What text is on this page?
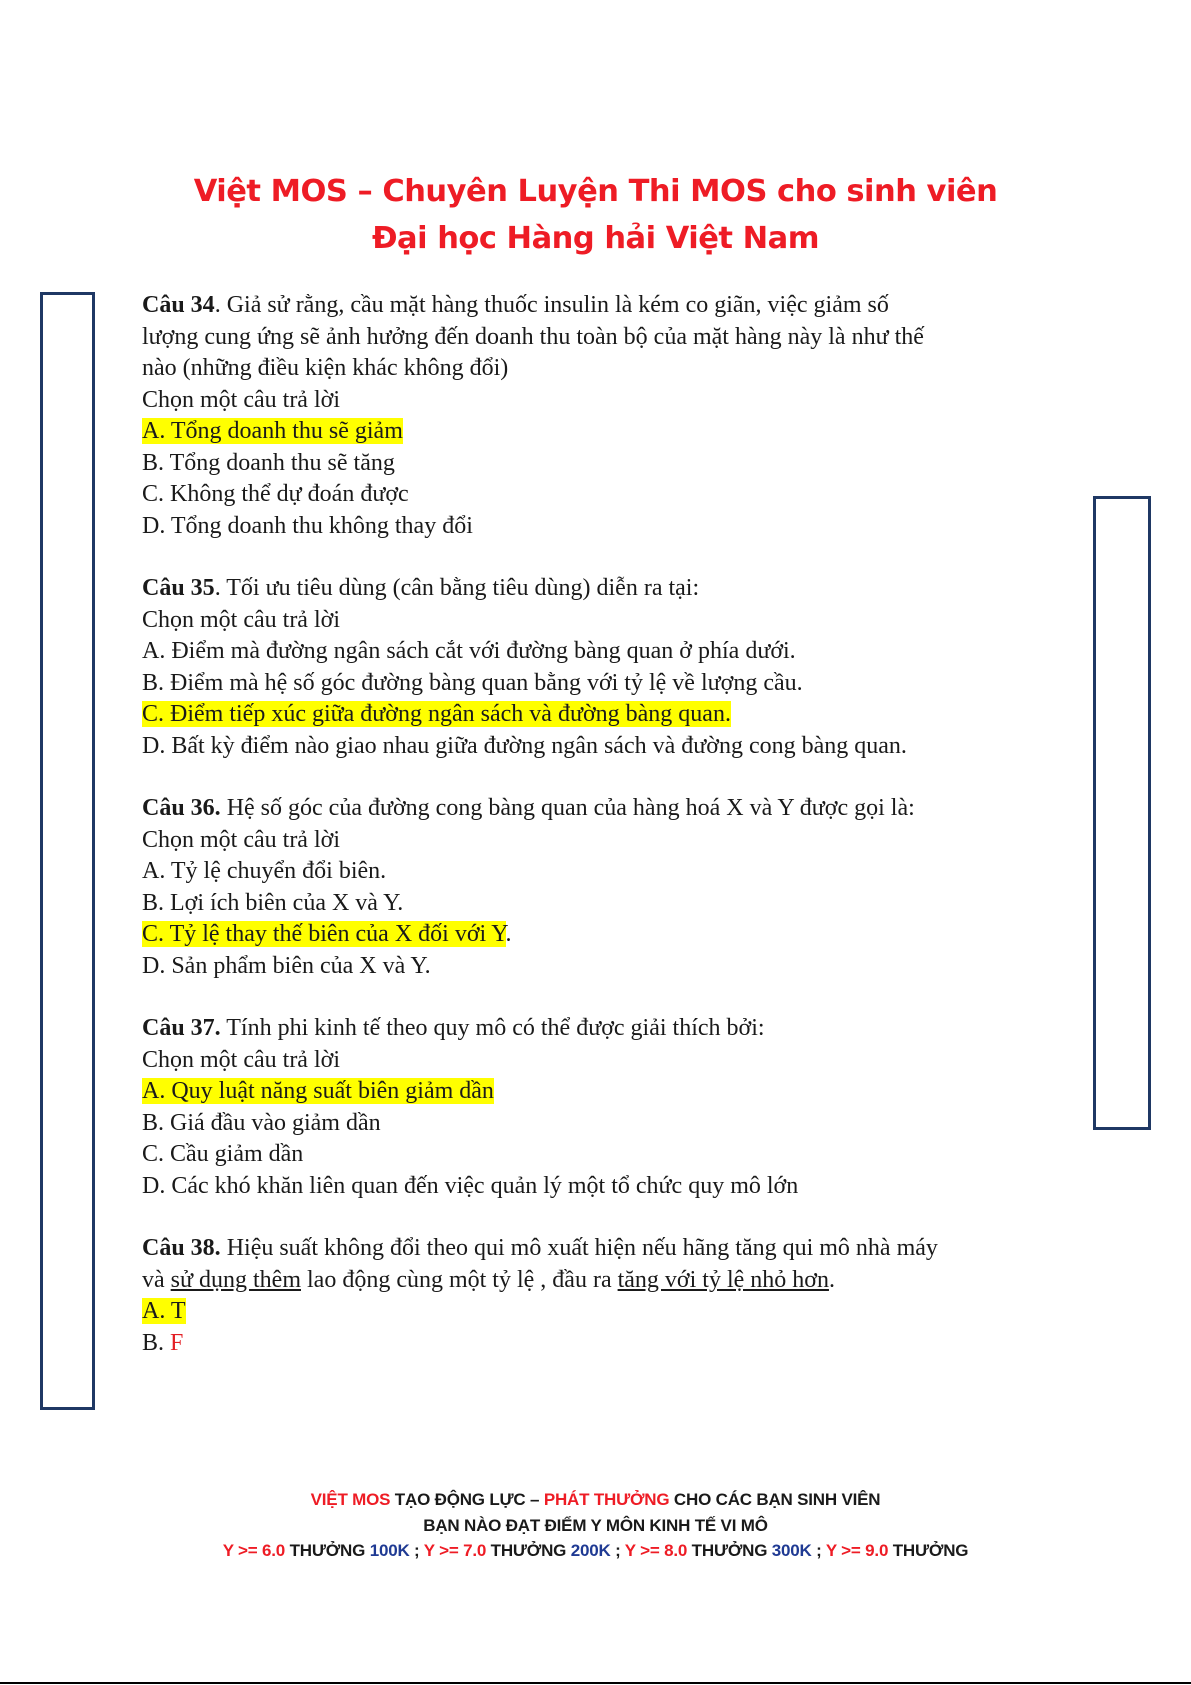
Việt MOS – Chuyên Luyện Thi MOS cho sinh viên
Đại học Hàng hải Việt Nam
Câu 34. Giả sử rằng, cầu mặt hàng thuốc insulin là kém co giãn, việc giảm số
lượng cung ứng sẽ ảnh hưởng đến doanh thu toàn bộ của mặt hàng này là như thế
nào (những điều kiện khác không đổi)
Chọn một câu trả lời
A. Tổng doanh thu sẽ giảm
B. Tổng doanh thu sẽ tăng
C. Không thể dự đoán được
D. Tổng doanh thu không thay đổi
Câu 35. Tối ưu tiêu dùng (cân bằng tiêu dùng) diễn ra tại:
Chọn một câu trả lời
A. Điểm mà đường ngân sách cắt với đường bàng quan ở phía dưới.
B. Điểm mà hệ số góc đường bàng quan bằng với tỷ lệ về lượng cầu.
C. Điểm tiếp xúc giữa đường ngân sách và đường bàng quan.
D. Bất kỳ điểm nào giao nhau giữa đường ngân sách và đường cong bàng quan.
Câu 36. Hệ số góc của đường cong bàng quan của hàng hoá X và Y được gọi là:
Chọn một câu trả lời
A. Tỷ lệ chuyển đổi biên.
B. Lợi ích biên của X và Y.
C. Tỷ lệ thay thế biên của X đối với Y.
D. Sản phẩm biên của X và Y.
Câu 37. Tính phi kinh tế theo quy mô có thể được giải thích bởi:
Chọn một câu trả lời
A. Quy luật năng suất biên giảm dần
B. Giá đầu vào giảm dần
C. Cầu giảm dần
D. Các khó khăn liên quan đến việc quản lý một tổ chức quy mô lớn
Câu 38. Hiệu suất không đổi theo qui mô xuất hiện nếu hãng tăng qui mô nhà máy
và sử dụng thêm lao động cùng một tỷ lệ , đầu ra tăng với tỷ lệ nhỏ hơn.
A. T
B. F
VIỆT MOS TẠO ĐỘNG LỰC – PHÁT THƯỞNG CHO CÁC BẠN SINH VIÊN
BẠN NÀO ĐẠT ĐIỂM Y MÔN KINH TẾ VI MÔ
Y >= 6.0 THƯỞNG 100K ; Y >= 7.0 THƯỞNG 200K ; Y >= 8.0 THƯỞNG 300K ; Y >= 9.0 THƯỞNG
